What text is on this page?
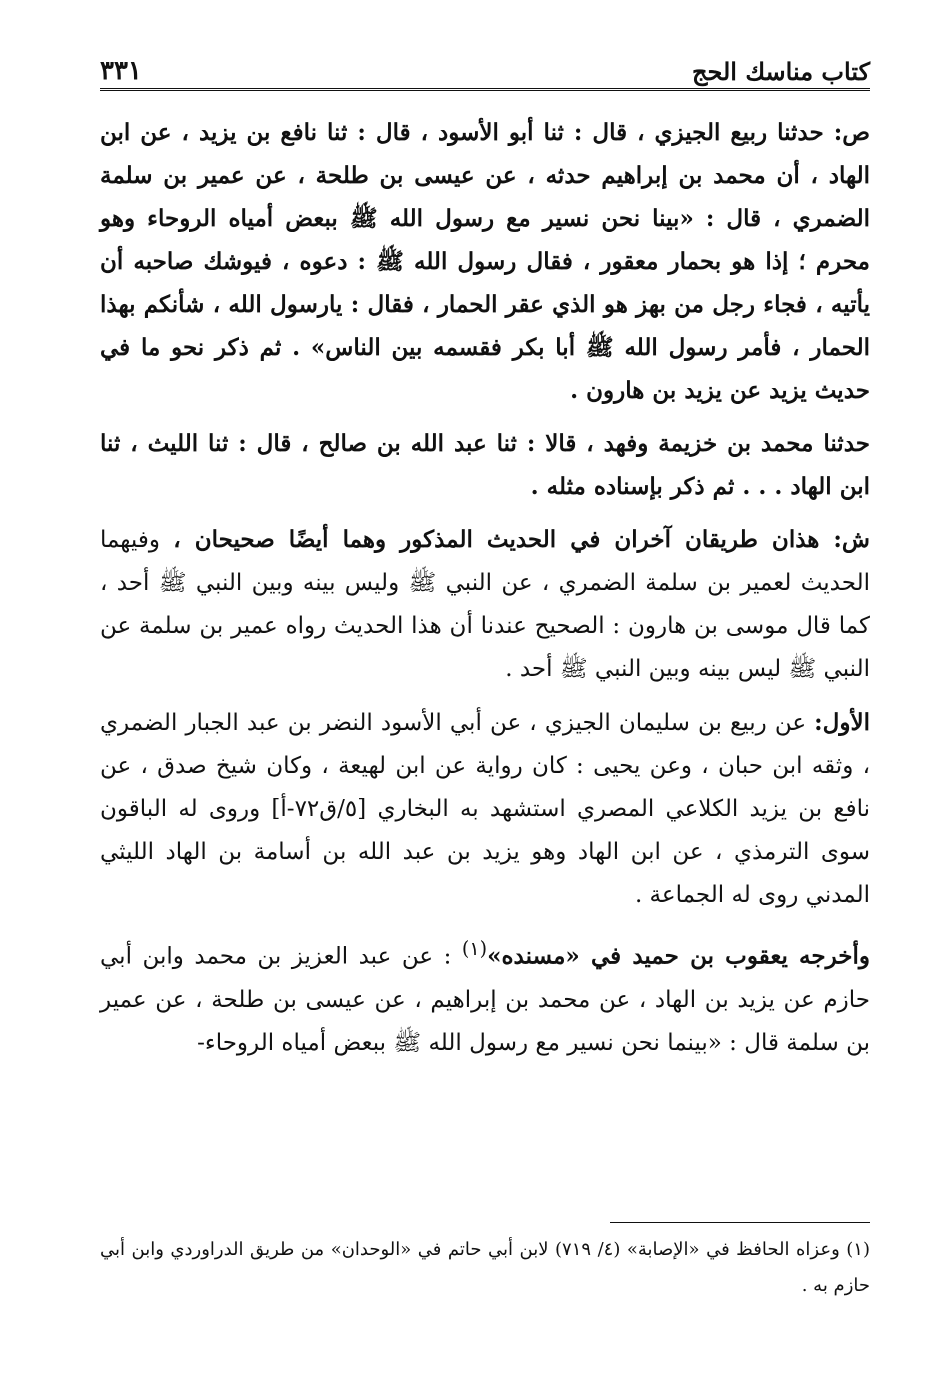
كتاب مناسك الحج
٣٣١

ص: حدثنا ربيع الجيزي ، قال : ثنا أبو الأسود ، قال : ثنا نافع بن يزيد ، عن ابن الهاد ، أن محمد بن إبراهيم حدثه ، عن عيسى بن طلحة ، عن عمير بن سلمة الضمري ، قال : «بينا نحن نسير مع رسول الله ﷺ ببعض أمياه الروحاء وهو محرم ؛ إذا هو بحمار معقور ، فقال رسول الله ﷺ : دعوه ، فيوشك صاحبه أن يأتيه ، فجاء رجل من بهز هو الذي عقر الحمار ، فقال : يارسول الله ، شأنكم بهذا الحمار ، فأمر رسول الله ﷺ أبا بكر فقسمه بين الناس» . ثم ذكر نحو ما في حديث يزيد عن يزيد بن هارون .

حدثنا محمد بن خزيمة وفهد ، قالا : ثنا عبد الله بن صالح ، قال : ثنا الليث ، ثنا ابن الهاد . . . ثم ذكر بإسناده مثله .

ش: هذان طريقان آخران في الحديث المذكور وهما أيضًا صحيحان ، وفيهما الحديث لعمير بن سلمة الضمري ، عن النبي ﷺ وليس بينه وبين النبي ﷺ أحد ، كما قال موسى بن هارون : الصحيح عندنا أن هذا الحديث رواه عمير بن سلمة عن النبي ﷺ ليس بينه وبين النبي ﷺ أحد .

الأول: عن ربيع بن سليمان الجيزي ، عن أبي الأسود النضر بن عبد الجبار الضمري ، وثقه ابن حبان ، وعن يحيى : كان رواية عن ابن لهيعة ، وكان شيخ صدق ، عن نافع بن يزيد الكلاعي المصري استشهد به البخاري [٥/ق٧٢-أ] وروى له الباقون سوى الترمذي ، عن ابن الهاد وهو يزيد بن عبد الله بن أسامة بن الهاد الليثي المدني روى له الجماعة .

وأخرجه يعقوب بن حميد في «مسنده»$^{(١)}$ : عن عبد العزيز بن محمد وابن أبي حازم عن يزيد بن الهاد ، عن محمد بن إبراهيم ، عن عيسى بن طلحة ، عن عمير بن سلمة قال : «بينما نحن نسير مع رسول الله ﷺ ببعض أمياه الروحاء-

(١) وعزاه الحافظ في «الإصابة» (٤/ ٧١٩) لابن أبي حاتم في «الوحدان» من طريق الدراوردي وابن أبي حازم به .
